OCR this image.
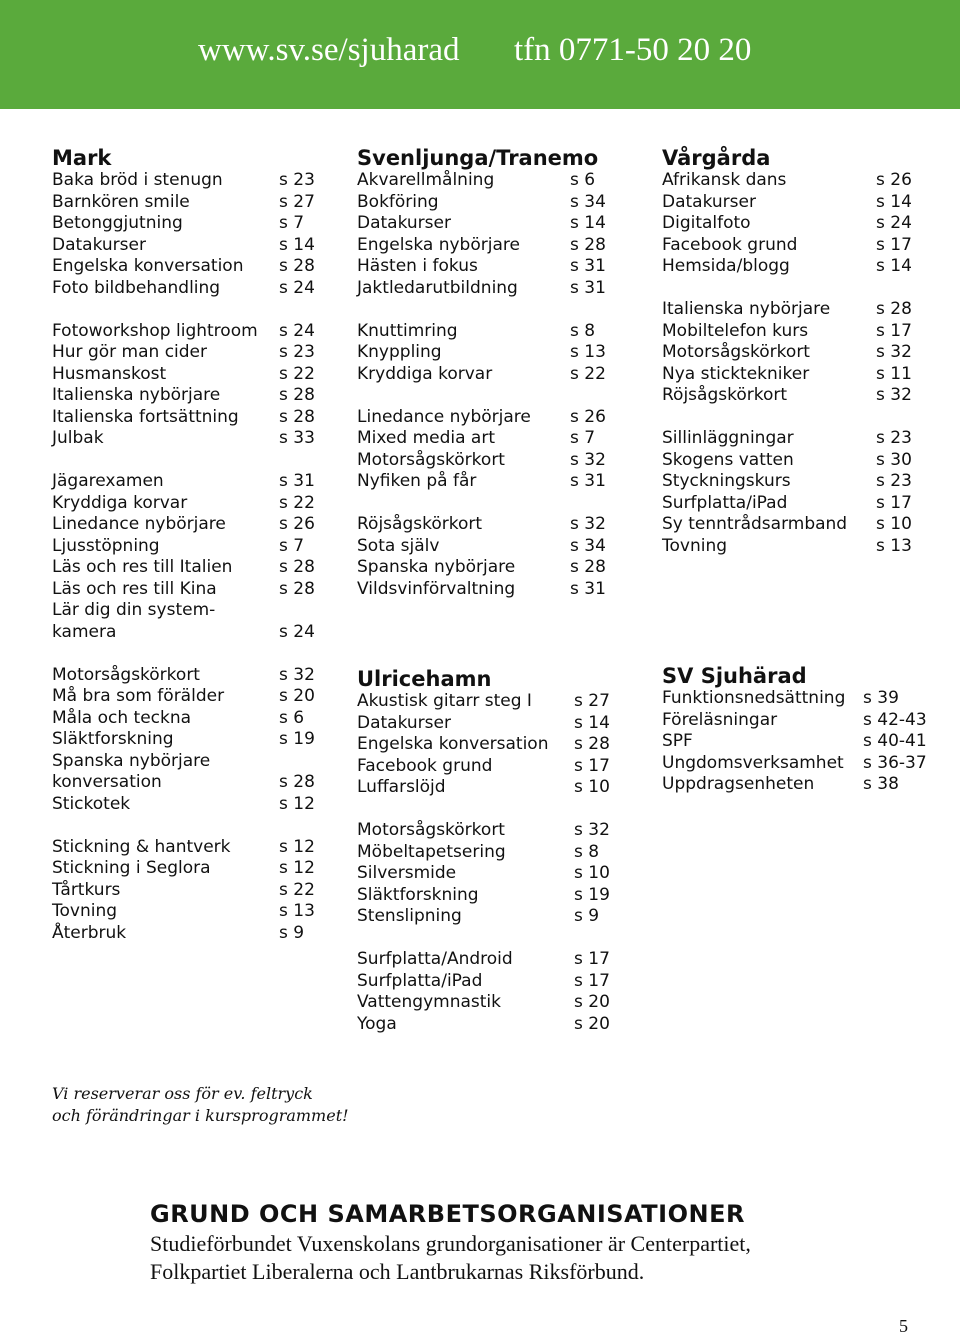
www.sv.se/sjuharad tfn 0771-50 20 20
Mark
Baka bröd i stenugn	s 23
Barnkören smile	s 27
Betonggjutning	s 7
Datakurser	s 14
Engelska konversation s 28
Foto bildbehandling	s 24
Fotoworkshop lightroom s 24
Hur gör man cider	s 23
Husmanskost	s 22
Italienska nybörjare	s 28
Italienska fortsättning s 28
Julbak	s 33
Jägarexamen	s 31
Kryddiga korvar	s 22
Linedance nybörjare	s 26
Ljusstöpning	s 7
Läs och res till Italien	s 28
Läs och res till Kina	s 28
Lär dig din system-
kamera	s 24
Motorsågskörkort	s 32
Må bra som förälder	s 20
Måla och teckna	s 6
Släktforskning	s 19
Spanska nybörjare
konversation	s 28
Stickotek	s 12
Stickning & hantverk	s 12
Stickning i Seglora	s 12
Tårtkurs	s 22
Tovning	s 13
Återbruk	s 9
Svenljunga/Tranemo
Akvarellmålning	s 6
Bokföring	s 34
Datakurser	s 14
Engelska nybörjare	s 28
Hästen i fokus	s 31
Jaktledarutbildning	s 31
Knuttimring	s 8
Knyppling	s 13
Kryddiga korvar	s 22
Linedance nybörjare s 26
Mixed media art	s 7
Motorsågskörkort	s 32
Nyfiken på får	s 31
Röjsågskörkort	s 32
Sota själv	s 34
Spanska nybörjare	s 28
Vildsvinförvaltning	s 31
Ulricehamn
Akustisk gitarr steg I s 27
Datakurser	s 14
Engelska konversation s 28
Facebook grund	s 17
Luffarslöjd	s 10
Motorsågskörkort	s 32
Möbeltapetsering	s 8
Silversmide	s 10
Släktforskning	s 19
Stenslipning	s 9
Surfplatta/Android	s 17
Surfplatta/iPad	s 17
Vattengymnastik	s 20
Yoga	s 20
Vårgårda
Afrikansk dans	s 26
Datakurser	s 14
Digitalfoto	s 24
Facebook grund	s 17
Hemsida/blogg	s 14
Italienska nybörjare	s 28
Mobiltelefon kurs	s 17
Motorsågskörkort	s 32
Nya sticktekniker	s 11
Röjsågskörkort	s 32
Sillinläggningar	s 23
Skogens vatten	s 30
Styckningskurs	s 23
Surfplatta/iPad	s 17
Sy tenntrådsarmband s 10
Tovning	s 13
SV Sjuhärad
Funktionsnedsättning s 39
Föreläsningar	s 42-43
SPF	s 40-41
Ungdomsverksamhet s 36-37
Uppdragsenheten	s 38
Vi reserverar oss för ev. feltryck
och förändringar i kursprogrammet!
GRUND OCH SAMARBETSORGANISATIONER
Studieförbundet Vuxenskolans grundorganisationer är Centerpartiet,
Folkpartiet Liberalerna och Lantbrukarnas Riksförbund.
5
